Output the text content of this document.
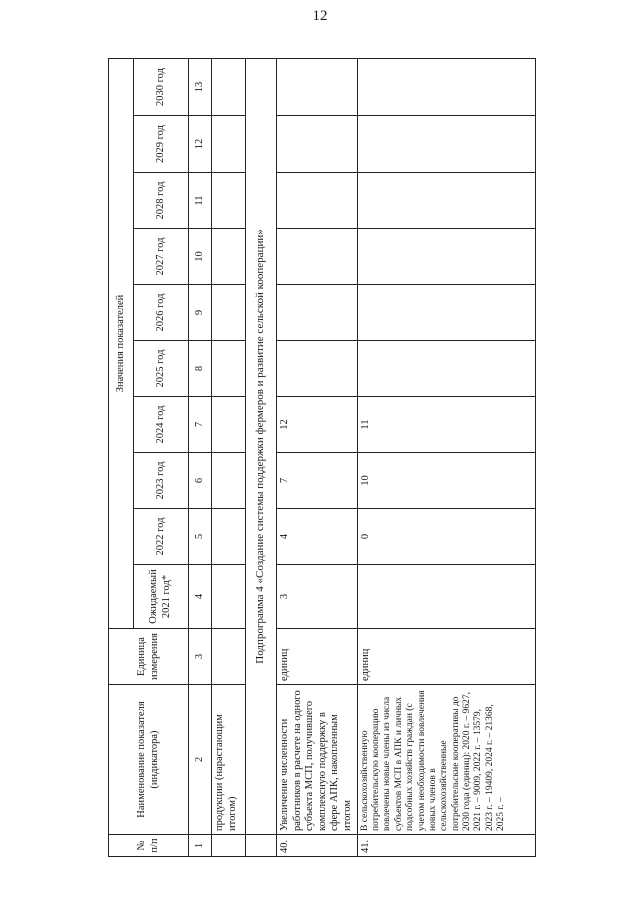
12
№ п/п	Наименование показателя (индикатора)	Единица измерения	Значения показателей									
			Ожидаемый 2021 год*	2022 год	2023 год	2024 год	2025 год	2026 год	2027 год	2028 год	2029 год	2030 год
1	2	3	4	5	6	7	8	9	10	11	12	13
	продукции (нарастающим итогом)											
	Подпрограмма 4 «Создание системы поддержки фермеров и развитие сельской кооперации»											
40.	Увеличение численности работников в расчете на одного субъекта МСП, получившего комплексную поддержку в сфере АПК, накопленным итогом	единиц	3	4	7	12						
41.	В сельскохозяйственную потребительскую кооперацию вовлечены новые члены из числа субъектов МСП в АПК и личных подсобных хозяйств граждан (с учетом необходимости вовлечения новых членов в сельскохозяйственные потребительские кооперативы до 2030 года (единиц): 2020 г. – 9627, 2021 г. – 9009, 2022 г. – 13579, 2023 г. – 19409, 2024 г. – 21368, 2025 г. –	единиц		0	10	11						
